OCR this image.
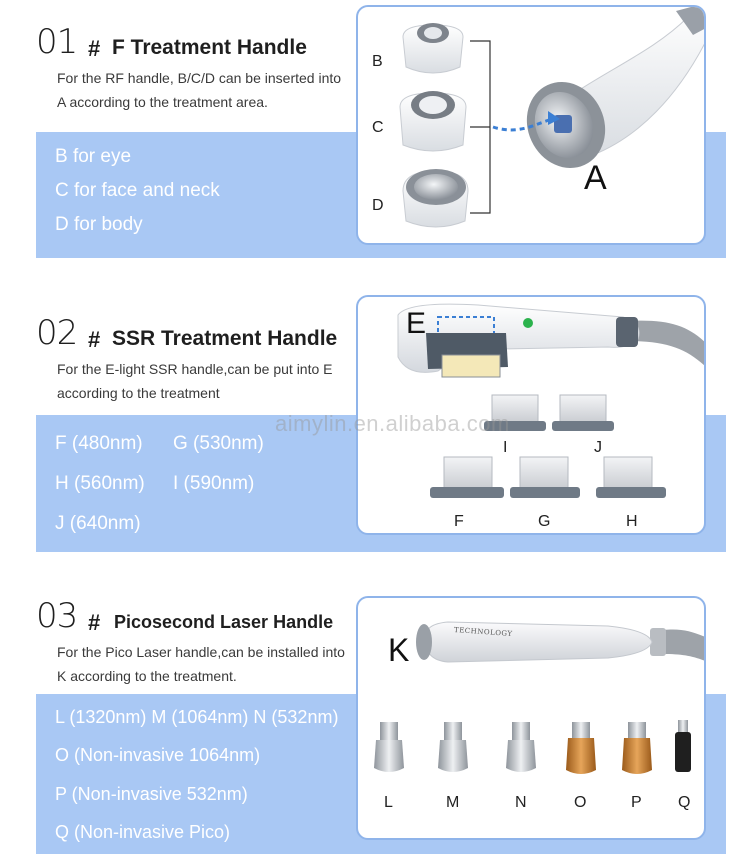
01 # F Treatment Handle
For the RF handle, B/C/D can be inserted into A according to the treatment area.
B for eye
C for face and neck
D for body
B
C
D
A
02 # SSR Treatment Handle
For the E-light SSR handle,can be put into E according to the treatment
F (480nm) G (530nm)
H (560nm) I (590nm)
J (640nm)
E
I	J
F	G	H
aimylin.en.alibaba.com
03 # Picosecond Laser Handle
For the Pico Laser handle,can be installed into K according to the treatment.
L (1320nm) M (1064nm) N (532nm)
O (Non-invasive 1064nm)
P (Non-invasive 532nm)
Q (Non-invasive Pico)
TECHNOLOGY
K
L	M	N	O	P Q
